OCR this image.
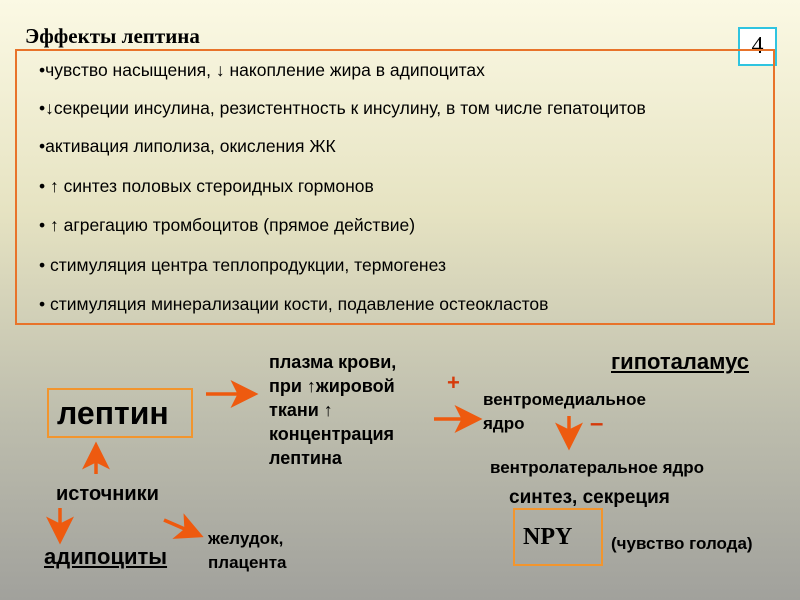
Эффекты лептина	4
•чувство насыщения, ↓ накопление жира в адипоцитах
•↓секреции инсулина, резистентность к инсулину, в том числе гепатоцитов
•активация липолиза, окисления ЖК
• ↑ синтез половых стероидных гормонов
• ↑ агрегацию тромбоцитов (прямое действие)
• стимуляция центра теплопродукции, термогенез
• стимуляция минерализации кости, подавление остеокластов
лептин
источники
адипоциты
желудок,
плацента
плазма крови,
при ↑жировой
ткани ↑
концентрация
лептина
+
гипоталамус
вентромедиальное
ядро	–
вентролатеральное ядро
синтез, секреция
NPY	(чувство голода)
